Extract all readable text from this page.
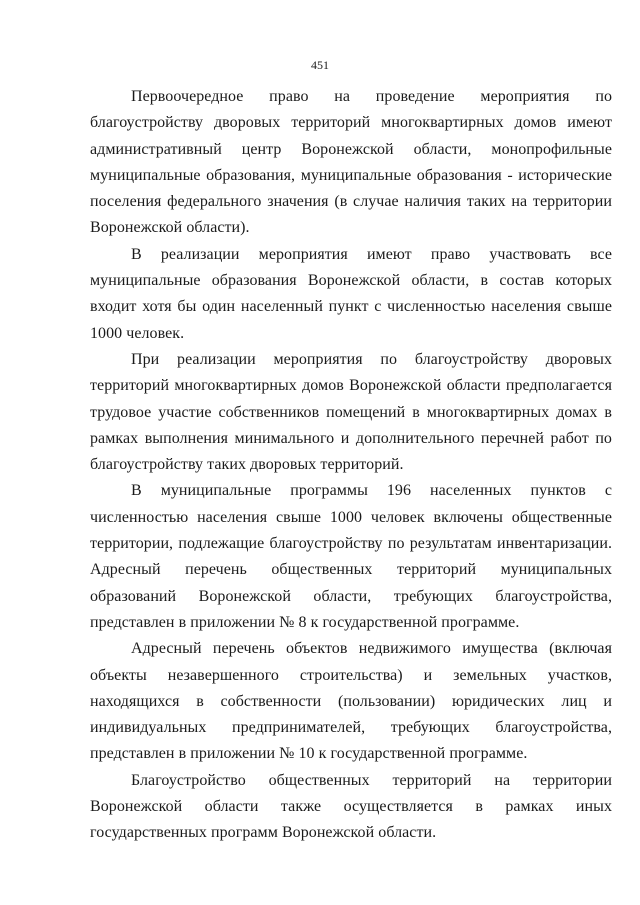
451

Первоочередное право на проведение мероприятия по благоустройству дворовых территорий многоквартирных домов имеют административный центр Воронежской области, монопрофильные муниципальные образования, муниципальные образования - исторические поселения федерального значения (в случае наличия таких на территории Воронежской области).

В реализации мероприятия имеют право участвовать все муниципальные образования Воронежской области, в состав которых входит хотя бы один населенный пункт с численностью населения свыше 1000 человек.

При реализации мероприятия по благоустройству дворовых территорий многоквартирных домов Воронежской области предполагается трудовое участие собственников помещений в многоквартирных домах в рамках выполнения минимального и дополнительного перечней работ по благоустройству таких дворовых территорий.

В муниципальные программы 196 населенных пунктов с численностью населения свыше 1000 человек включены общественные территории, подлежащие благоустройству по результатам инвентаризации. Адресный перечень общественных территорий муниципальных образований Воронежской области, требующих благоустройства, представлен в приложении № 8 к государственной программе.

Адресный перечень объектов недвижимого имущества (включая объекты незавершенного строительства) и земельных участков, находящихся в собственности (пользовании) юридических лиц и индивидуальных предпринимателей, требующих благоустройства, представлен в приложении № 10 к государственной программе.

Благоустройство общественных территорий на территории Воронежской области также осуществляется в рамках иных государственных программ Воронежской области.
